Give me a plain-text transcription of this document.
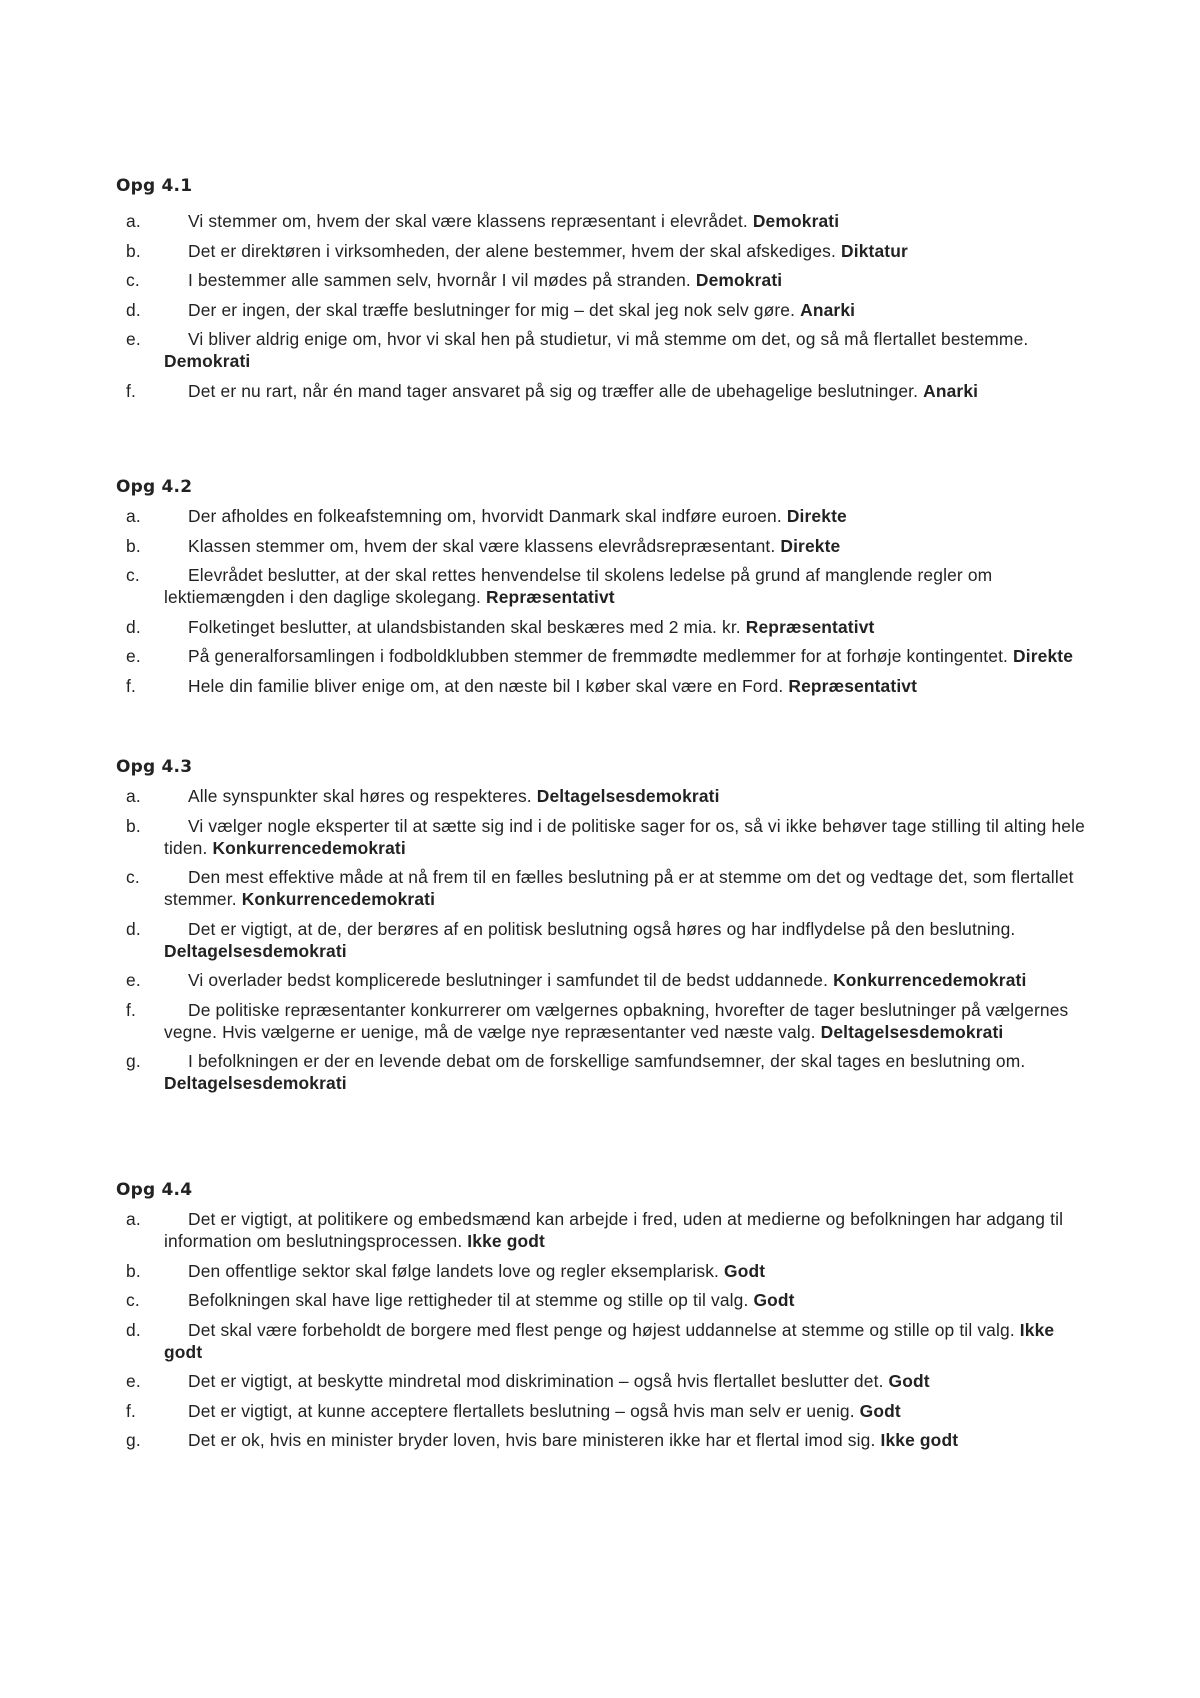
Opg 4.1
a.	Vi stemmer om, hvem der skal være klassens repræsentant i elevrådet. Demokrati
b.	Det er direktøren i virksomheden, der alene bestemmer, hvem der skal afskediges. Diktatur
c.	I bestemmer alle sammen selv, hvornår I vil mødes på stranden. Demokrati
d.	Der er ingen, der skal træffe beslutninger for mig – det skal jeg nok selv gøre. Anarki
e.	Vi bliver aldrig enige om, hvor vi skal hen på studietur, vi må stemme om det, og så må flertallet bestemme. Demokrati
f.	Det er nu rart, når én mand tager ansvaret på sig og træffer alle de ubehagelige beslutninger. Anarki
Opg 4.2
a.	Der afholdes en folkeafstemning om, hvorvidt Danmark skal indføre euroen. Direkte
b.	Klassen stemmer om, hvem der skal være klassens elevrådsrepræsentant. Direkte
c.	Elevrådet beslutter, at der skal rettes henvendelse til skolens ledelse på grund af manglende regler om lektiemængden i den daglige skolegang. Repræsentativt
d.	Folketinget beslutter, at ulandsbistanden skal beskæres med 2 mia. kr. Repræsentativt
e.	På generalforsamlingen i fodboldklubben stemmer de fremmødte medlemmer for at forhøje kontingentet. Direkte
f.	Hele din familie bliver enige om, at den næste bil I køber skal være en Ford. Repræsentativt
Opg 4.3
a.	Alle synspunkter skal høres og respekteres. Deltagelsesdemokrati
b.	Vi vælger nogle eksperter til at sætte sig ind i de politiske sager for os, så vi ikke behøver tage stilling til alting hele tiden. Konkurrencedemokrati
c.	Den mest effektive måde at nå frem til en fælles beslutning på er at stemme om det og vedtage det, som flertallet stemmer. Konkurrencedemokrati
d.	Det er vigtigt, at de, der berøres af en politisk beslutning også høres og har indflydelse på den beslutning. Deltagelsesdemokrati
e.	Vi overlader bedst komplicerede beslutninger i samfundet til de bedst uddannede. Konkurrencedemokrati
f.	De politiske repræsentanter konkurrerer om vælgernes opbakning, hvorefter de tager beslutninger på vælgernes vegne. Hvis vælgerne er uenige, må de vælge nye repræsentanter ved næste valg. Deltagelsesdemokrati
g.	I befolkningen er der en levende debat om de forskellige samfundsemner, der skal tages en beslutning om. Deltagelsesdemokrati
Opg 4.4
a.	Det er vigtigt, at politikere og embedsmænd kan arbejde i fred, uden at medierne og befolkningen har adgang til information om beslutningsprocessen. Ikke godt
b.	Den offentlige sektor skal følge landets love og regler eksemplarisk. Godt
c.	Befolkningen skal have lige rettigheder til at stemme og stille op til valg. Godt
d.	Det skal være forbeholdt de borgere med flest penge og højest uddannelse at stemme og stille op til valg. Ikke godt
e.	Det er vigtigt, at beskytte mindretal mod diskrimination – også hvis flertallet beslutter det. Godt
f.	Det er vigtigt, at kunne acceptere flertallets beslutning – også hvis man selv er uenig. Godt
g.	Det er ok, hvis en minister bryder loven, hvis bare ministeren ikke har et flertal imod sig. Ikke godt
